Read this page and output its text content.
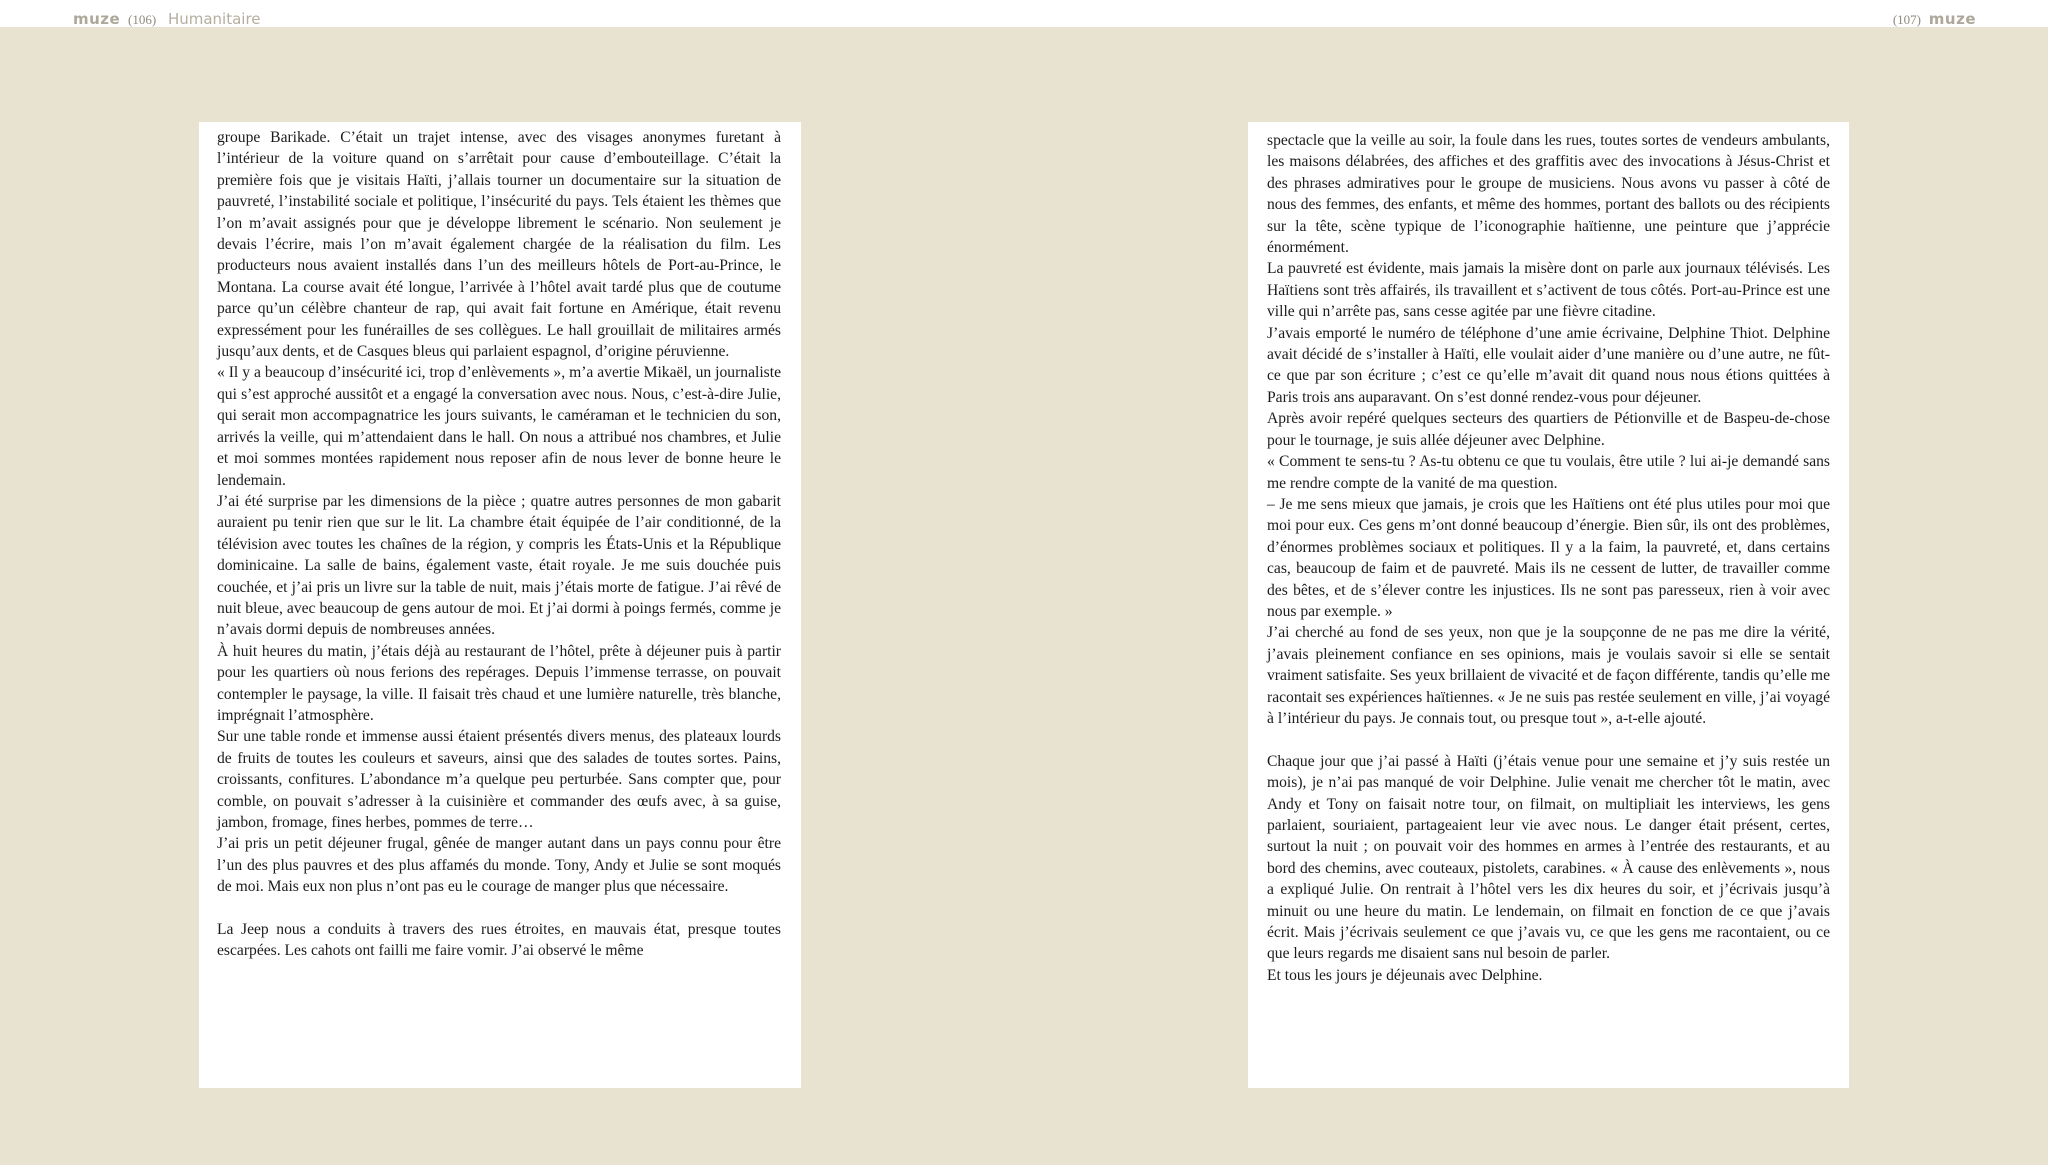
muze (106) Humanitaire	(107) muze

groupe Barikade. C’était un trajet intense, avec des visages anonymes furetant à l’intérieur de la voiture quand on s’arrêtait pour cause d’embouteillage. C’était la première fois que je visitais Haïti, j’allais tourner un documentaire sur la situation de pauvreté, l’instabilité sociale et politique, l’insécurité du pays. Tels étaient les thèmes que l’on m’avait assignés pour que je développe librement le scénario. Non seulement je devais l’écrire, mais l’on m’avait également chargée de la réalisation du film. Les producteurs nous avaient installés dans l’un des meilleurs hôtels de Port-au-Prince, le Montana. La course avait été longue, l’arrivée à l’hôtel avait tardé plus que de coutume parce qu’un célèbre chanteur de rap, qui avait fait fortune en Amérique, était revenu expressément pour les funérailles de ses collègues. Le hall grouillait de militaires armés jusqu’aux dents, et de Casques bleus qui parlaient espagnol, d’origine péruvienne.

« Il y a beaucoup d’insécurité ici, trop d’enlèvements », m’a avertie Mikaël, un journaliste qui s’est approché aussitôt et a engagé la conversation avec nous. Nous, c’est-à-dire Julie, qui serait mon accompagnatrice les jours suivants, le caméraman et le technicien du son, arrivés la veille, qui m’attendaient dans le hall. On nous a attribué nos chambres, et Julie et moi sommes montées rapidement nous reposer afin de nous lever de bonne heure le lendemain.

J’ai été surprise par les dimensions de la pièce ; quatre autres personnes de mon gabarit auraient pu tenir rien que sur le lit. La chambre était équipée de l’air conditionné, de la télévision avec toutes les chaînes de la région, y compris les États-Unis et la République dominicaine. La salle de bains, également vaste, était royale. Je me suis douchée puis couchée, et j’ai pris un livre sur la table de nuit, mais j’étais morte de fatigue. J’ai rêvé de nuit bleue, avec beaucoup de gens autour de moi. Et j’ai dormi à poings fermés, comme je n’avais dormi depuis de nombreuses années.

À huit heures du matin, j’étais déjà au restaurant de l’hôtel, prête à déjeuner puis à partir pour les quartiers où nous ferions des repérages. Depuis l’immense terrasse, on pouvait contempler le paysage, la ville. Il faisait très chaud et une lumière naturelle, très blanche, imprégnait l’atmosphère.

Sur une table ronde et immense aussi étaient présentés divers menus, des plateaux lourds de fruits de toutes les couleurs et saveurs, ainsi que des salades de toutes sortes. Pains, croissants, confitures. L’abondance m’a quelque peu perturbée. Sans compter que, pour comble, on pouvait s’adresser à la cuisinière et commander des œufs avec, à sa guise, jambon, fromage, fines herbes, pommes de terre…

J’ai pris un petit déjeuner frugal, gênée de manger autant dans un pays connu pour être l’un des plus pauvres et des plus affamés du monde. Tony, Andy et Julie se sont moqués de moi. Mais eux non plus n’ont pas eu le courage de manger plus que nécessaire.

La Jeep nous a conduits à travers des rues étroites, en mauvais état, presque toutes escarpées. Les cahots ont failli me faire vomir. J’ai observé le même

spectacle que la veille au soir, la foule dans les rues, toutes sortes de vendeurs ambulants, les maisons délabrées, des affiches et des graffitis avec des invocations à Jésus-Christ et des phrases admiratives pour le groupe de musiciens. Nous avons vu passer à côté de nous des femmes, des enfants, et même des hommes, portant des ballots ou des récipients sur la tête, scène typique de l’iconographie haïtienne, une peinture que j’apprécie énormément.

La pauvreté est évidente, mais jamais la misère dont on parle aux journaux télévisés. Les Haïtiens sont très affairés, ils travaillent et s’activent de tous côtés. Port-au-Prince est une ville qui n’arrête pas, sans cesse agitée par une fièvre citadine.

J’avais emporté le numéro de téléphone d’une amie écrivaine, Delphine Thiot. Delphine avait décidé de s’installer à Haïti, elle voulait aider d’une manière ou d’une autre, ne fût-ce que par son écriture ; c’est ce qu’elle m’avait dit quand nous nous étions quittées à Paris trois ans auparavant. On s’est donné rendez-vous pour déjeuner.

Après avoir repéré quelques secteurs des quartiers de Pétionville et de Baspeu-de-chose pour le tournage, je suis allée déjeuner avec Delphine.

« Comment te sens-tu ? As-tu obtenu ce que tu voulais, être utile ? lui ai-je demandé sans me rendre compte de la vanité de ma question.

– Je me sens mieux que jamais, je crois que les Haïtiens ont été plus utiles pour moi que moi pour eux. Ces gens m’ont donné beaucoup d’énergie. Bien sûr, ils ont des problèmes, d’énormes problèmes sociaux et politiques. Il y a la faim, la pauvreté, et, dans certains cas, beaucoup de faim et de pauvreté. Mais ils ne cessent de lutter, de travailler comme des bêtes, et de s’élever contre les injustices. Ils ne sont pas paresseux, rien à voir avec nous par exemple. »

J’ai cherché au fond de ses yeux, non que je la soupçonne de ne pas me dire la vérité, j’avais pleinement confiance en ses opinions, mais je voulais savoir si elle se sentait vraiment satisfaite. Ses yeux brillaient de vivacité et de façon différente, tandis qu’elle me racontait ses expériences haïtiennes. « Je ne suis pas restée seulement en ville, j’ai voyagé à l’intérieur du pays. Je connais tout, ou presque tout », a-t-elle ajouté.

Chaque jour que j’ai passé à Haïti (j’étais venue pour une semaine et j’y suis restée un mois), je n’ai pas manqué de voir Delphine. Julie venait me chercher tôt le matin, avec Andy et Tony on faisait notre tour, on filmait, on multipliait les interviews, les gens parlaient, souriaient, partageaient leur vie avec nous. Le danger était présent, certes, surtout la nuit ; on pouvait voir des hommes en armes à l’entrée des restaurants, et au bord des chemins, avec couteaux, pistolets, carabines. « À cause des enlèvements », nous a expliqué Julie. On rentrait à l’hôtel vers les dix heures du soir, et j’écrivais jusqu’à minuit ou une heure du matin. Le lendemain, on filmait en fonction de ce que j’avais écrit. Mais j’écrivais seulement ce que j’avais vu, ce que les gens me racontaient, ou ce que leurs regards me disaient sans nul besoin de parler.

Et tous les jours je déjeunais avec Delphine.
